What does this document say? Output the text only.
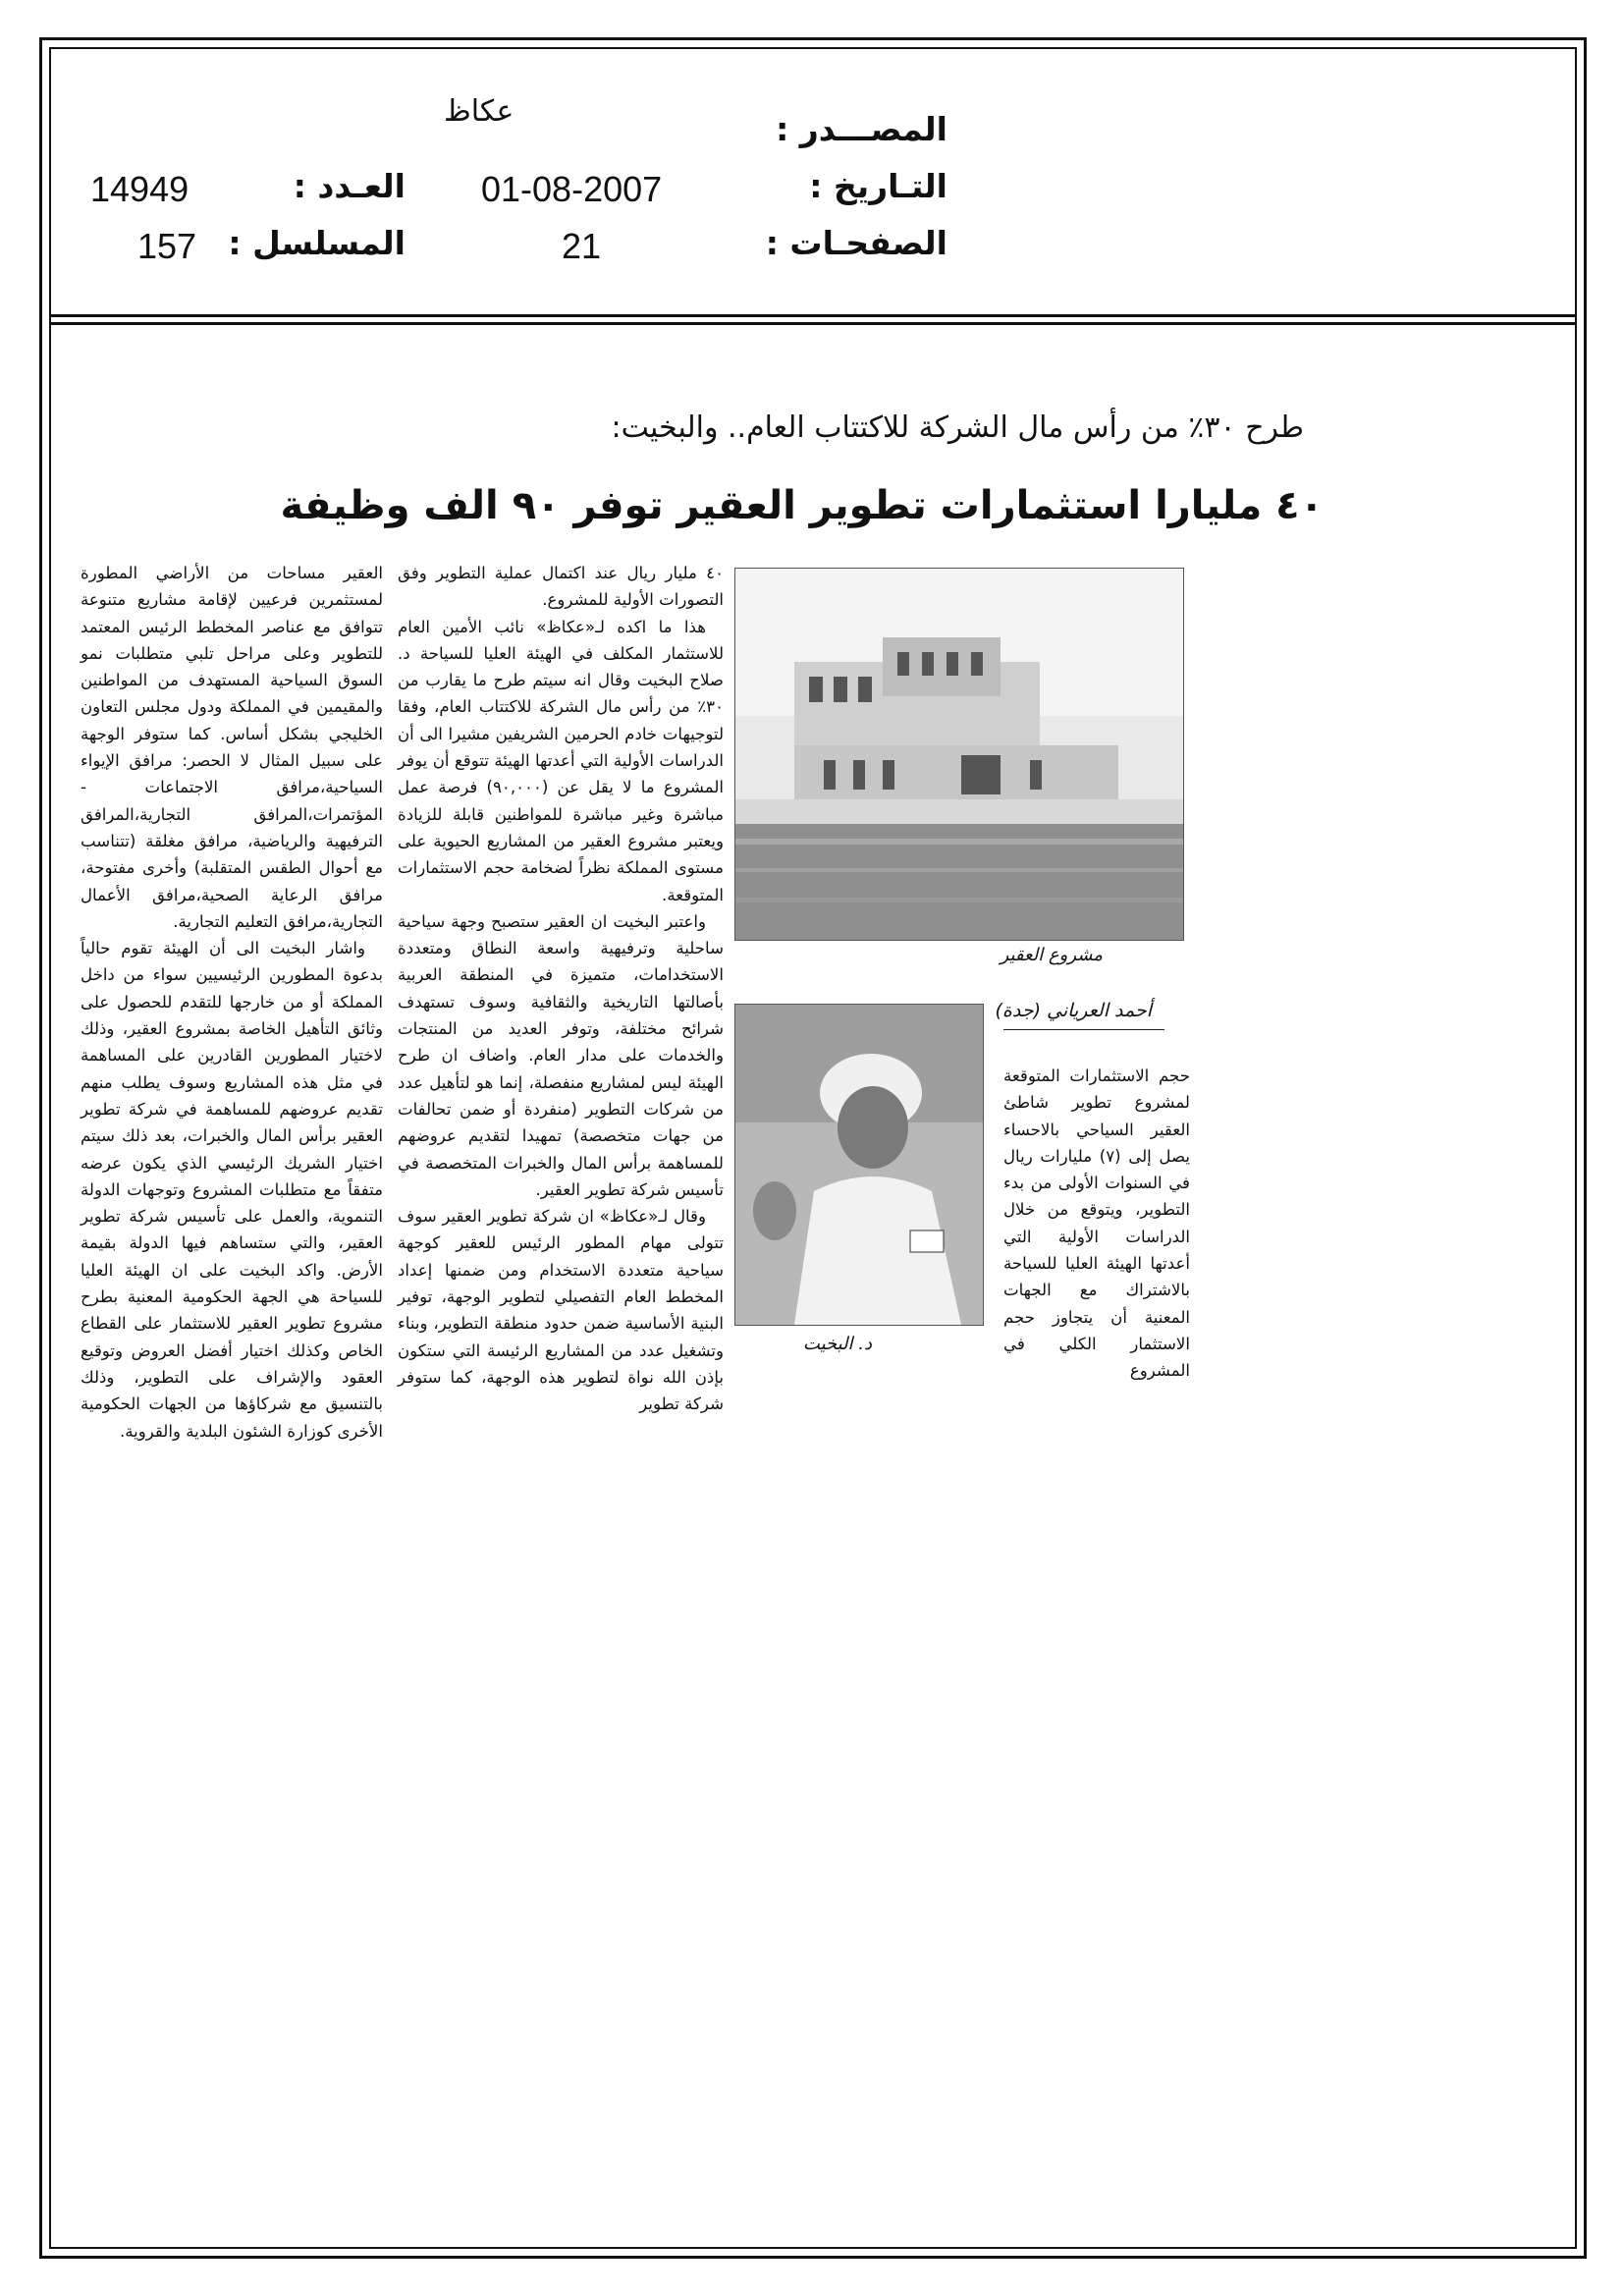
المصـــدر :
عكاظ
التـاريخ :
01-08-2007
العـدد :
14949
الصفحـات :
21
المسلسل :
157
طرح ٣٠٪ من رأس مال الشركة للاكتتاب العام.. والبخيت:
٤٠ مليارا استثمارات تطوير العقير توفر ٩٠ الف وظيفة
مشروع العقير
أحمد العرياني (جدة)
د. البخيت

حجم الاستثمارات المتوقعة لمشروع تطوير شاطئ العقير السياحي بالاحساء يصل إلى (٧) مليارات ريال في السنوات الأولى من بدء التطوير، ويتوقع من خلال الدراسات الأولية التي أعدتها الهيئة العليا للسياحة بالاشتراك مع الجهات المعنية أن يتجاوز حجم الاستثمار الكلي في المشروع

٤٠ مليار ريال عند اكتمال عملية التطوير وفق التصورات الأولية للمشروع.

هذا ما اكده لـ«عكاظ» نائب الأمين العام للاستثمار المكلف في الهيئة العليا للسياحة د. صلاح البخيت وقال انه سيتم طرح ما يقارب من ٣٠٪ من رأس مال الشركة للاكتتاب العام، وفقا لتوجيهات خادم الحرمين الشريفين مشيرا الى أن الدراسات الأولية التي أعدتها الهيئة تتوقع أن يوفر المشروع ما لا يقل عن (٩٠,٠٠٠) فرصة عمل مباشرة وغير مباشرة للمواطنين قابلة للزيادة ويعتبر مشروع العقير من المشاريع الحيوية على مستوى المملكة نظراً لضخامة حجم الاستثمارات المتوقعة.

واعتبر البخيت ان العقير ستصبح وجهة سياحية ساحلية وترفيهية واسعة النطاق ومتعددة الاستخدامات، متميزة في المنطقة العربية بأصالتها التاريخية والثقافية وسوف تستهدف شرائح مختلفة، وتوفر العديد من المنتجات والخدمات على مدار العام. واضاف ان طرح الهيئة ليس لمشاريع منفصلة، إنما هو لتأهيل عدد من شركات التطوير (منفردة أو ضمن تحالفات من جهات متخصصة) تمهيدا لتقديم عروضهم للمساهمة برأس المال والخبرات المتخصصة في تأسيس شركة تطوير العقير.

وقال لـ«عكاظ» ان شركة تطوير العقير سوف تتولى مهام المطور الرئيس للعقير كوجهة سياحية متعددة الاستخدام ومن ضمنها إعداد المخطط العام التفصيلي لتطوير الوجهة، توفير البنية الأساسية ضمن حدود منطقة التطوير، وبناء وتشغيل عدد من المشاريع الرئيسة التي ستكون بإذن الله نواة لتطوير هذه الوجهة، كما ستوفر شركة تطوير

العقير مساحات من الأراضي المطورة لمستثمرين فرعيين لإقامة مشاريع متنوعة تتوافق مع عناصر المخطط الرئيس المعتمد للتطوير وعلى مراحل تلبي متطلبات نمو السوق السياحية المستهدف من المواطنين والمقيمين في المملكة ودول مجلس التعاون الخليجي بشكل أساس. كما ستوفر الوجهة على سبيل المثال لا الحصر: مرافق الإيواء السياحية،مرافق الاجتماعات - المؤتمرات،المرافق التجارية،المرافق الترفيهية والرياضية، مرافق مغلقة (تتناسب مع أحوال الطقس المتقلبة) وأخرى مفتوحة، مرافق الرعاية الصحية،مرافق الأعمال التجارية،مرافق التعليم التجارية.

واشار البخيت الى أن الهيئة تقوم حالياً بدعوة المطورين الرئيسيين سواء من داخل المملكة أو من خارجها للتقدم للحصول على وثائق التأهيل الخاصة بمشروع العقير، وذلك لاختيار المطورين القادرين على المساهمة في مثل هذه المشاريع وسوف يطلب منهم تقديم عروضهم للمساهمة في شركة تطوير العقير برأس المال والخبرات، بعد ذلك سيتم اختيار الشريك الرئيسي الذي يكون عرضه متفقاً مع متطلبات المشروع وتوجهات الدولة التنموية، والعمل على تأسيس شركة تطوير العقير، والتي ستساهم فيها الدولة بقيمة الأرض. واكد البخيت على ان الهيئة العليا للسياحة هي الجهة الحكومية المعنية بطرح مشروع تطوير العقير للاستثمار على القطاع الخاص وكذلك اختيار أفضل العروض وتوقيع العقود والإشراف على التطوير، وذلك بالتنسيق مع شركاؤها من الجهات الحكومية الأخرى كوزارة الشئون البلدية والقروية.
